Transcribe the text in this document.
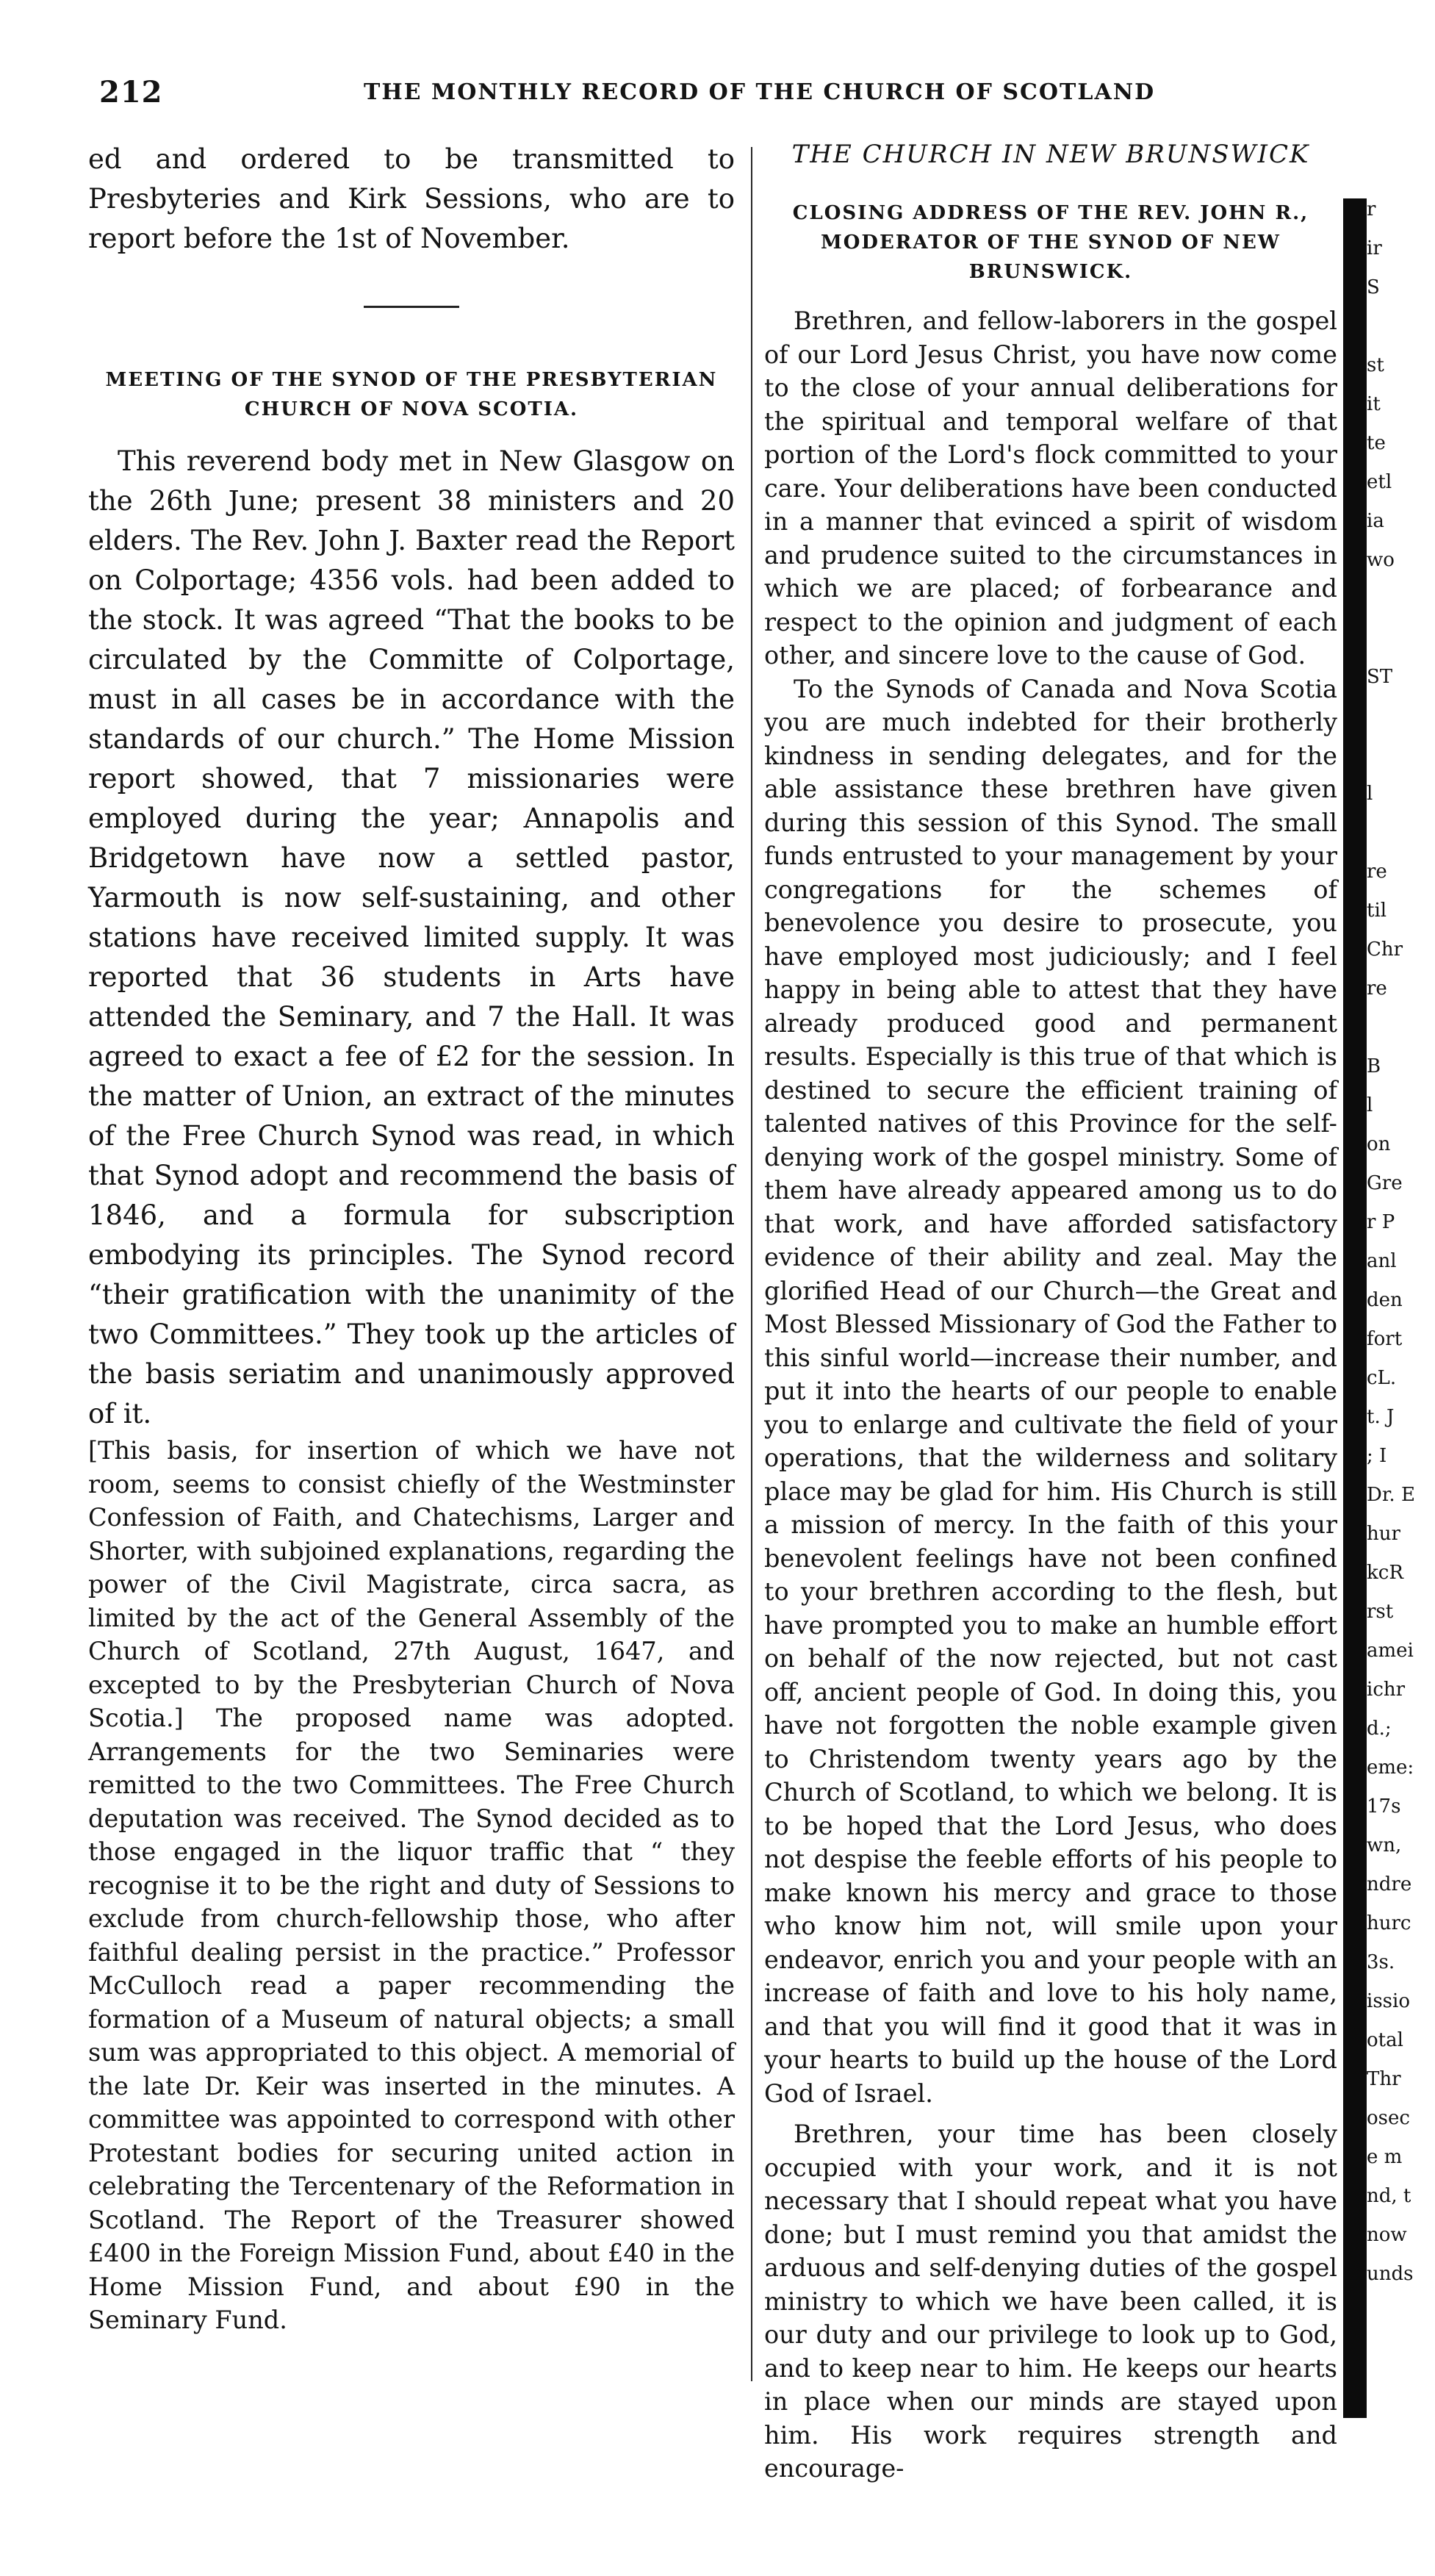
212	THE MONTHLY RECORD OF THE CHURCH OF SCOTLAND

ed and ordered to be transmitted to Presbyteries and Kirk Sessions, who are to report before the 1st of November.

MEETING OF THE SYNOD OF THE PRESBYTERIAN CHURCH OF NOVA SCOTIA.

This reverend body met in New Glasgow on the 26th June; present 38 ministers and 20 elders. The Rev. John J. Baxter read the Report on Colportage; 4356 vols. had been added to the stock. It was agreed “That the books to be circulated by the Committe of Colportage, must in all cases be in accordance with the standards of our church.” The Home Mission report showed, that 7 missionaries were employed during the year; Annapolis and Bridgetown have now a settled pastor, Yarmouth is now self-sustaining, and other stations have received limited supply. It was reported that 36 students in Arts have attended the Seminary, and 7 the Hall. It was agreed to exact a fee of £2 for the session. In the matter of Union, an extract of the minutes of the Free Church Synod was read, in which that Synod adopt and recommend the basis of 1846, and a formula for subscription embodying its principles. The Synod record “their gratification with the unanimity of the two Committees.” They took up the articles of the basis seriatim and unanimously approved of it.

[This basis, for insertion of which we have not room, seems to consist chiefly of the Westminster Confession of Faith, and Chatechisms, Larger and Shorter, with subjoined explanations, regarding the power of the Civil Magistrate, circa sacra, as limited by the act of the General Assembly of the Church of Scotland, 27th August, 1647, and excepted to by the Presbyterian Church of Nova Scotia.] The proposed name was adopted. Arrangements for the two Seminaries were remitted to the two Committees. The Free Church deputation was received. The Synod decided as to those engaged in the liquor traffic that “ they recognise it to be the right and duty of Sessions to exclude from church-fellowship those, who after faithful dealing persist in the practice.” Professor McCulloch read a paper recommending the formation of a Museum of natural objects; a small sum was appropriated to this object. A memorial of the late Dr. Keir was inserted in the minutes. A committee was appointed to correspond with other Protestant bodies for securing united action in celebrating the Tercentenary of the Reformation in Scotland. The Report of the Treasurer showed £400 in the Foreign Mission Fund, about £40 in the Home Mission Fund, and about £90 in the Seminary Fund.

THE CHURCH IN NEW BRUNSWICK
CLOSING ADDRESS OF THE REV. JOHN R., MODERATOR OF THE SYNOD OF NEW BRUNSWICK.

Brethren, and fellow-laborers in the gospel of our Lord Jesus Christ, you have now come to the close of your annual deliberations for the spiritual and temporal welfare of that portion of the Lord's flock committed to your care. Your deliberations have been conducted in a manner that evinced a spirit of wisdom and prudence suited to the circumstances in which we are placed; of forbearance and respect to the opinion and judgment of each other, and sincere love to the cause of God.

To the Synods of Canada and Nova Scotia you are much indebted for their brotherly kindness in sending delegates, and for the able assistance these brethren have given during this session of this Synod. The small funds entrusted to your management by your congregations for the schemes of benevolence you desire to prosecute, you have employed most judiciously; and I feel happy in being able to attest that they have already produced good and permanent results. Especially is this true of that which is destined to secure the efficient training of talented natives of this Province for the self-denying work of the gospel ministry. Some of them have already appeared among us to do that work, and have afforded satisfactory evidence of their ability and zeal. May the glorified Head of our Church—the Great and Most Blessed Missionary of God the Father to this sinful world—increase their number, and put it into the hearts of our people to enable you to enlarge and cultivate the field of your operations, that the wilderness and solitary place may be glad for him. His Church is still a mission of mercy. In the faith of this your benevolent feelings have not been confined to your brethren according to the flesh, but have prompted you to make an humble effort on behalf of the now rejected, but not cast off, ancient people of God. In doing this, you have not forgotten the noble example given to Christendom twenty years ago by the Church of Scotland, to which we belong. It is to be hoped that the Lord Jesus, who does not despise the feeble efforts of his people to make known his mercy and grace to those who know him not, will smile upon your endeavor, enrich you and your people with an increase of faith and love to his holy name, and that you will find it good that it was in your hearts to build up the house of the Lord God of Israel.

Brethren, your time has been closely occupied with your work, and it is not necessary that I should repeat what you have done; but I must remind you that amidst the arduous and self-denying duties of the gospel ministry to which we have been called, it is our duty and our privilege to look up to God, and to keep near to him. He keeps our hearts in place when our minds are stayed upon him. His work requires strength and encourage-

r
ir
S
st
it
te
etl
ia
wo
ST
l
re
til
Chr
re
B
l
on
Gre
r P
anl
den
fort
cL.
t. J
; I
Dr. E
hur
kcR
rst
amei
ichr
d.;
eme:
17s
wn,
ndre
hurc
3s.
issio
otal
Thr
osec
e m
nd, t
now
unds
